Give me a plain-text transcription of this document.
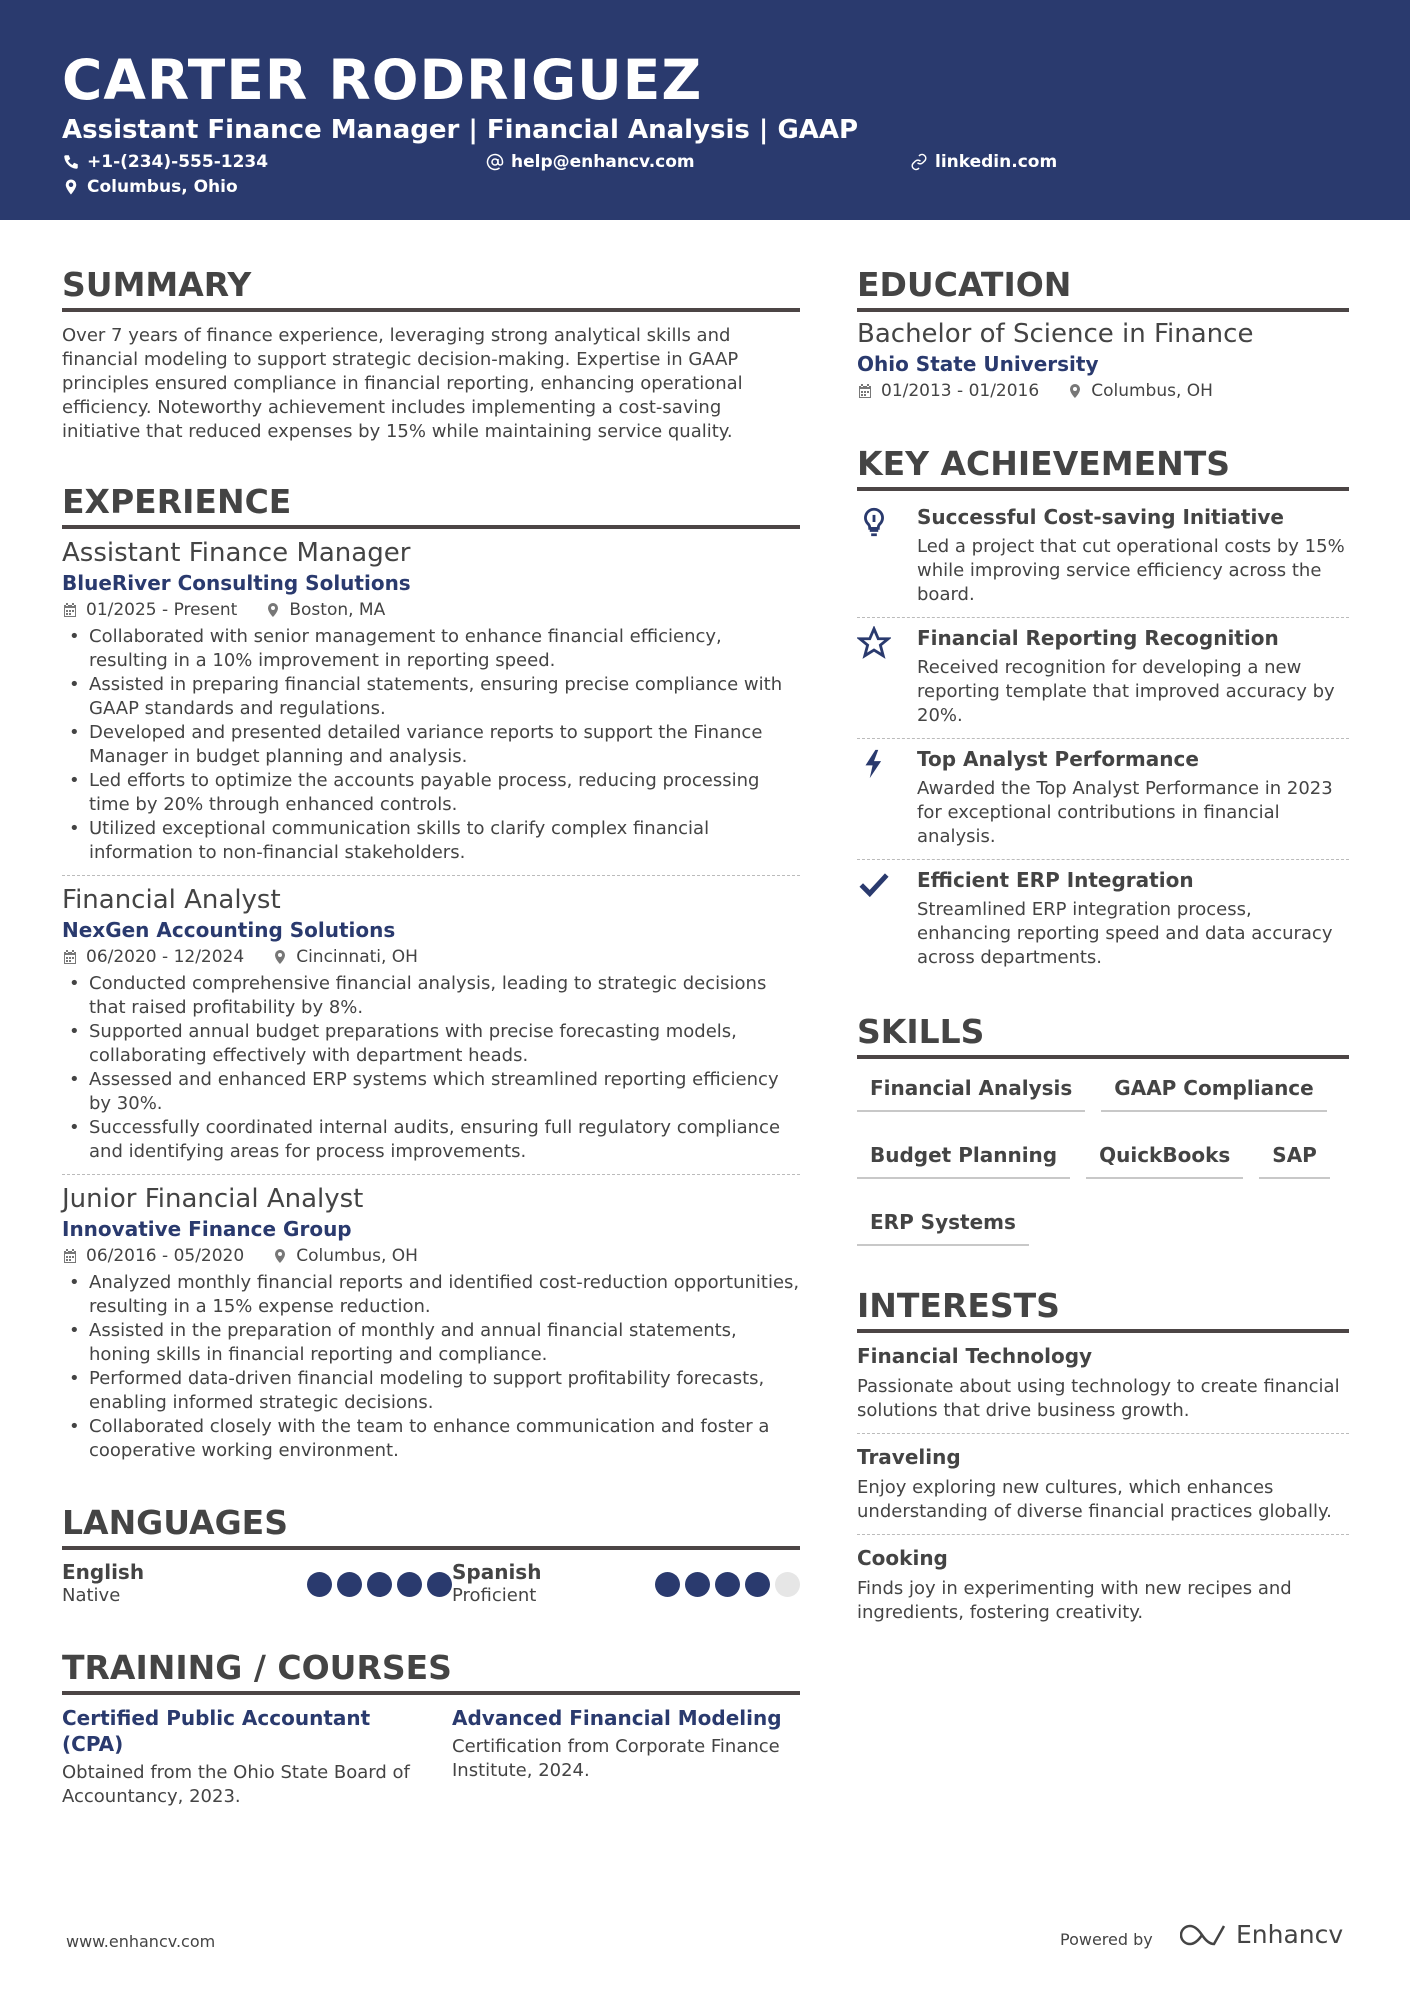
CARTER RODRIGUEZ
Assistant Finance Manager | Financial Analysis | GAAP
+1-(234)-555-1234	help@enhancv.com	linkedin.com
Columbus, Ohio
SUMMARY
Over 7 years of finance experience, leveraging strong analytical skills and financial modeling to support strategic decision-making. Expertise in GAAP principles ensured compliance in financial reporting, enhancing operational efficiency. Noteworthy achievement includes implementing a cost-saving initiative that reduced expenses by 15% while maintaining service quality.
EXPERIENCE
Assistant Finance Manager
BlueRiver Consulting Solutions
01/2025 - Present	Boston, MA
• Collaborated with senior management to enhance financial efficiency, resulting in a 10% improvement in reporting speed.
• Assisted in preparing financial statements, ensuring precise compliance with GAAP standards and regulations.
• Developed and presented detailed variance reports to support the Finance Manager in budget planning and analysis.
• Led efforts to optimize the accounts payable process, reducing processing time by 20% through enhanced controls.
• Utilized exceptional communication skills to clarify complex financial information to non-financial stakeholders.
Financial Analyst
NexGen Accounting Solutions
06/2020 - 12/2024	Cincinnati, OH
• Conducted comprehensive financial analysis, leading to strategic decisions that raised profitability by 8%.
• Supported annual budget preparations with precise forecasting models, collaborating effectively with department heads.
• Assessed and enhanced ERP systems which streamlined reporting efficiency by 30%.
• Successfully coordinated internal audits, ensuring full regulatory compliance and identifying areas for process improvements.
Junior Financial Analyst
Innovative Finance Group
06/2016 - 05/2020	Columbus, OH
• Analyzed monthly financial reports and identified cost-reduction opportunities, resulting in a 15% expense reduction.
• Assisted in the preparation of monthly and annual financial statements, honing skills in financial reporting and compliance.
• Performed data-driven financial modeling to support profitability forecasts, enabling informed strategic decisions.
• Collaborated closely with the team to enhance communication and foster a cooperative working environment.
LANGUAGES
English
Native
Spanish
Proficient
TRAINING / COURSES
Certified Public Accountant (CPA)
Obtained from the Ohio State Board of Accountancy, 2023.
Advanced Financial Modeling
Certification from Corporate Finance Institute, 2024.
EDUCATION
Bachelor of Science in Finance
Ohio State University
01/2013 - 01/2016	Columbus, OH
KEY ACHIEVEMENTS
Successful Cost-saving Initiative
Led a project that cut operational costs by 15% while improving service efficiency across the board.
Financial Reporting Recognition
Received recognition for developing a new reporting template that improved accuracy by 20%.
Top Analyst Performance
Awarded the Top Analyst Performance in 2023 for exceptional contributions in financial analysis.
Efficient ERP Integration
Streamlined ERP integration process, enhancing reporting speed and data accuracy across departments.
SKILLS
Financial Analysis	GAAP Compliance
Budget Planning	QuickBooks	SAP
ERP Systems
INTERESTS
Financial Technology
Passionate about using technology to create financial solutions that drive business growth.
Traveling
Enjoy exploring new cultures, which enhances understanding of diverse financial practices globally.
Cooking
Finds joy in experimenting with new recipes and ingredients, fostering creativity.
www.enhancv.com	Powered by	Enhancv
